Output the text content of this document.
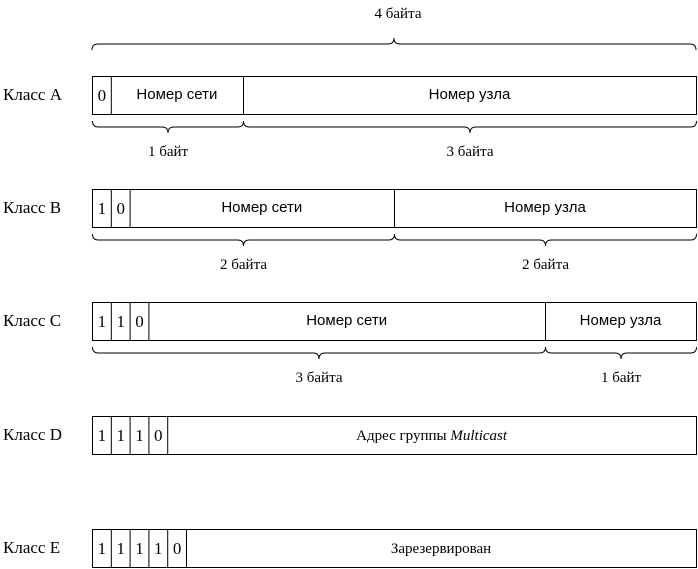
4 байта
Класс A 0 Номер сети	Номер узла
1 байт	3 байта
Класс B 1 0	Номер сети	Номер узла
2 байта	2 байта
Класс C 1 1 0	Номер сети	Номер узла
3 байта	1 байт
Класс D 1 1 1 0	Адрес группы Multicast
Класс E 1 1 1 1 0	Зарезервирован
